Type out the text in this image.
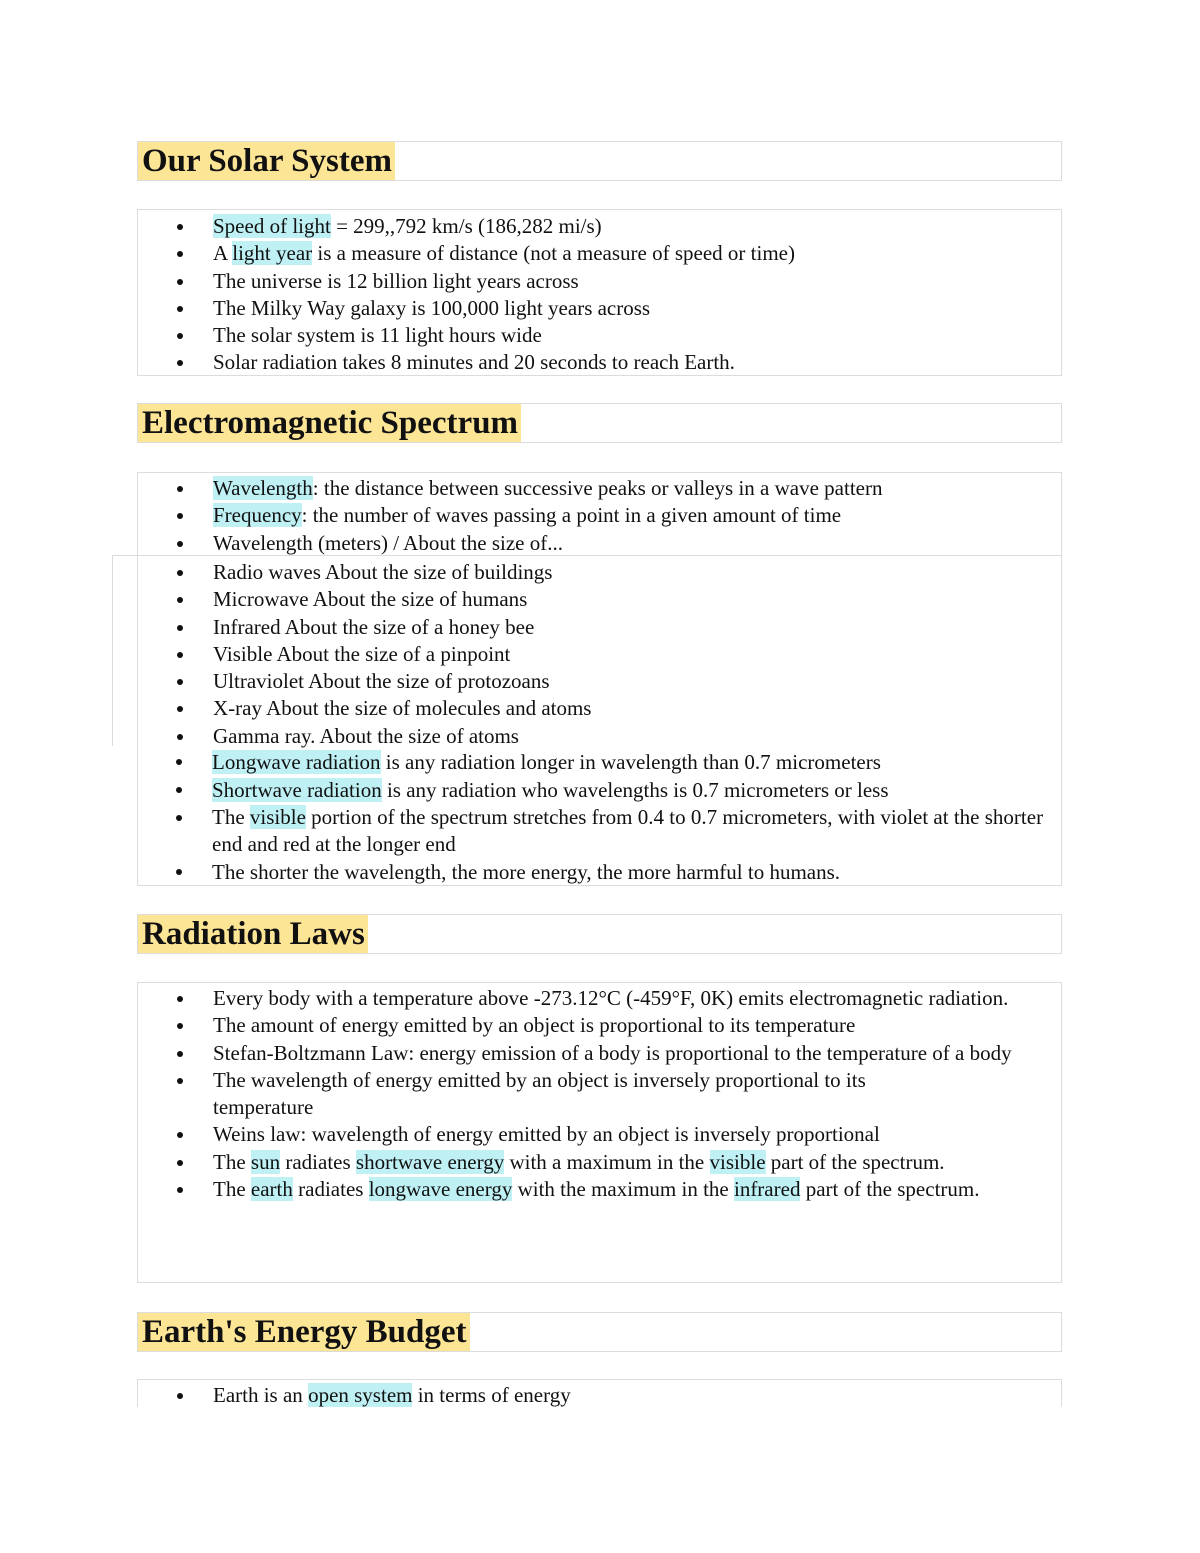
Our Solar System
Speed of light = 299,,792 km/s (186,282 mi/s)
A light year is a measure of distance (not a measure of speed or time)
The universe is 12 billion light years across
The Milky Way galaxy is 100,000 light years across
The solar system is 11 light hours wide
Solar radiation takes 8 minutes and 20 seconds to reach Earth.
Electromagnetic Spectrum
Wavelength: the distance between successive peaks or valleys in a wave pattern
Frequency: the number of waves passing a point in a given amount of time
Wavelength (meters) / About the size of...
Radio waves About the size of buildings
Microwave About the size of humans
Infrared About the size of a honey bee
Visible About the size of a pinpoint
Ultraviolet About the size of protozoans
X-ray About the size of molecules and atoms
Gamma ray. About the size of atoms
Longwave radiation is any radiation longer in wavelength than 0.7 micrometers
Shortwave radiation is any radiation who wavelengths is 0.7 micrometers or less
The visible portion of the spectrum stretches from 0.4 to 0.7 micrometers, with violet at the shorter end and red at the longer end
The shorter the wavelength, the more energy, the more harmful to humans.
Radiation Laws
Every body with a temperature above -273.12°C (-459°F, 0K) emits electromagnetic radiation.
The amount of energy emitted by an object is proportional to its temperature
Stefan-Boltzmann Law: energy emission of a body is proportional to the temperature of a body
The wavelength of energy emitted by an object is inversely proportional to its temperature
Weins law: wavelength of energy emitted by an object is inversely proportional
The sun radiates shortwave energy with a maximum in the visible part of the spectrum.
The earth radiates longwave energy with the maximum in the infrared part of the spectrum.
Earth's Energy Budget
Earth is an open system in terms of energy
